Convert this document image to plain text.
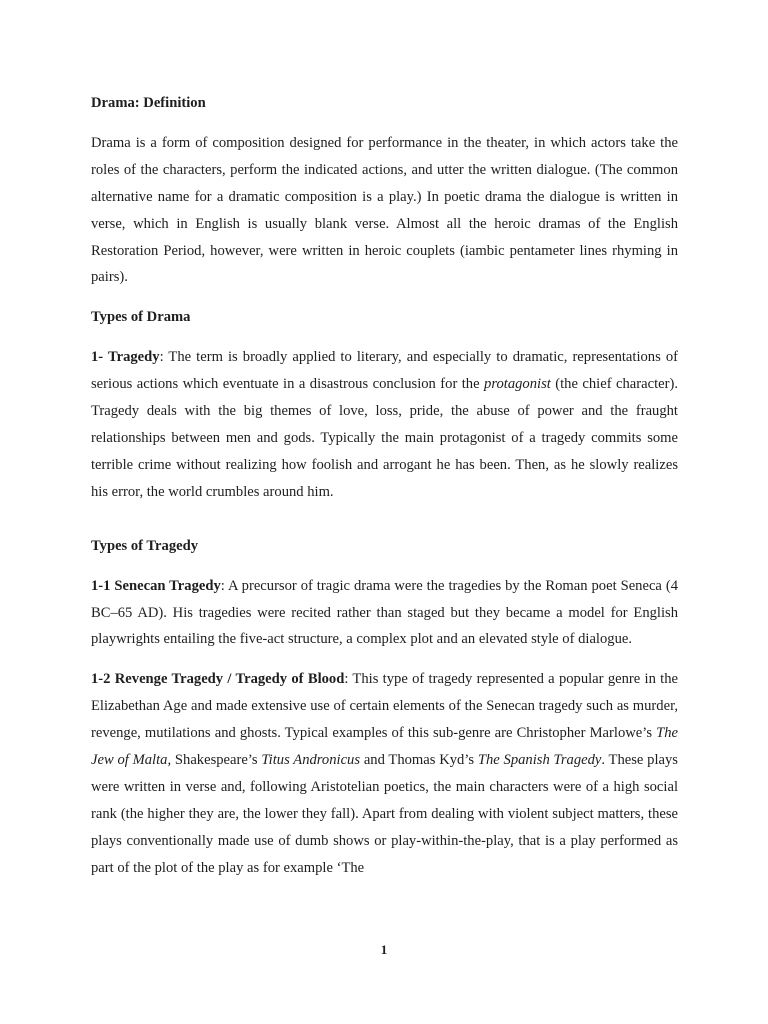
Drama: Definition

Drama is a form of composition designed for performance in the theater, in which actors take the roles of the characters, perform the indicated actions, and utter the written dialogue. (The common alternative name for a dramatic composition is a play.) In poetic drama the dialogue is written in verse, which in English is usually blank verse. Almost all the heroic dramas of the English Restoration Period, however, were written in heroic couplets (iambic pentameter lines rhyming in pairs).

Types of Drama

1- Tragedy: The term is broadly applied to literary, and especially to dramatic, representations of serious actions which eventuate in a disastrous conclusion for the protagonist (the chief character). Tragedy deals with the big themes of love, loss, pride, the abuse of power and the fraught relationships between men and gods. Typically the main protagonist of a tragedy commits some terrible crime without realizing how foolish and arrogant he has been. Then, as he slowly realizes his error, the world crumbles around him.

Types of Tragedy

1-1 Senecan Tragedy: A precursor of tragic drama were the tragedies by the Roman poet Seneca (4 BC–65 AD). His tragedies were recited rather than staged but they became a model for English playwrights entailing the five-act structure, a complex plot and an elevated style of dialogue.

1-2 Revenge Tragedy / Tragedy of Blood: This type of tragedy represented a popular genre in the Elizabethan Age and made extensive use of certain elements of the Senecan tragedy such as murder, revenge, mutilations and ghosts. Typical examples of this sub-genre are Christopher Marlowe’s The Jew of Malta, Shakespeare’s Titus Andronicus and Thomas Kyd’s The Spanish Tragedy. These plays were written in verse and, following Aristotelian poetics, the main characters were of a high social rank (the higher they are, the lower they fall). Apart from dealing with violent subject matters, these plays conventionally made use of dumb shows or play-within-the-play, that is a play performed as part of the plot of the play as for example ‘The

1
